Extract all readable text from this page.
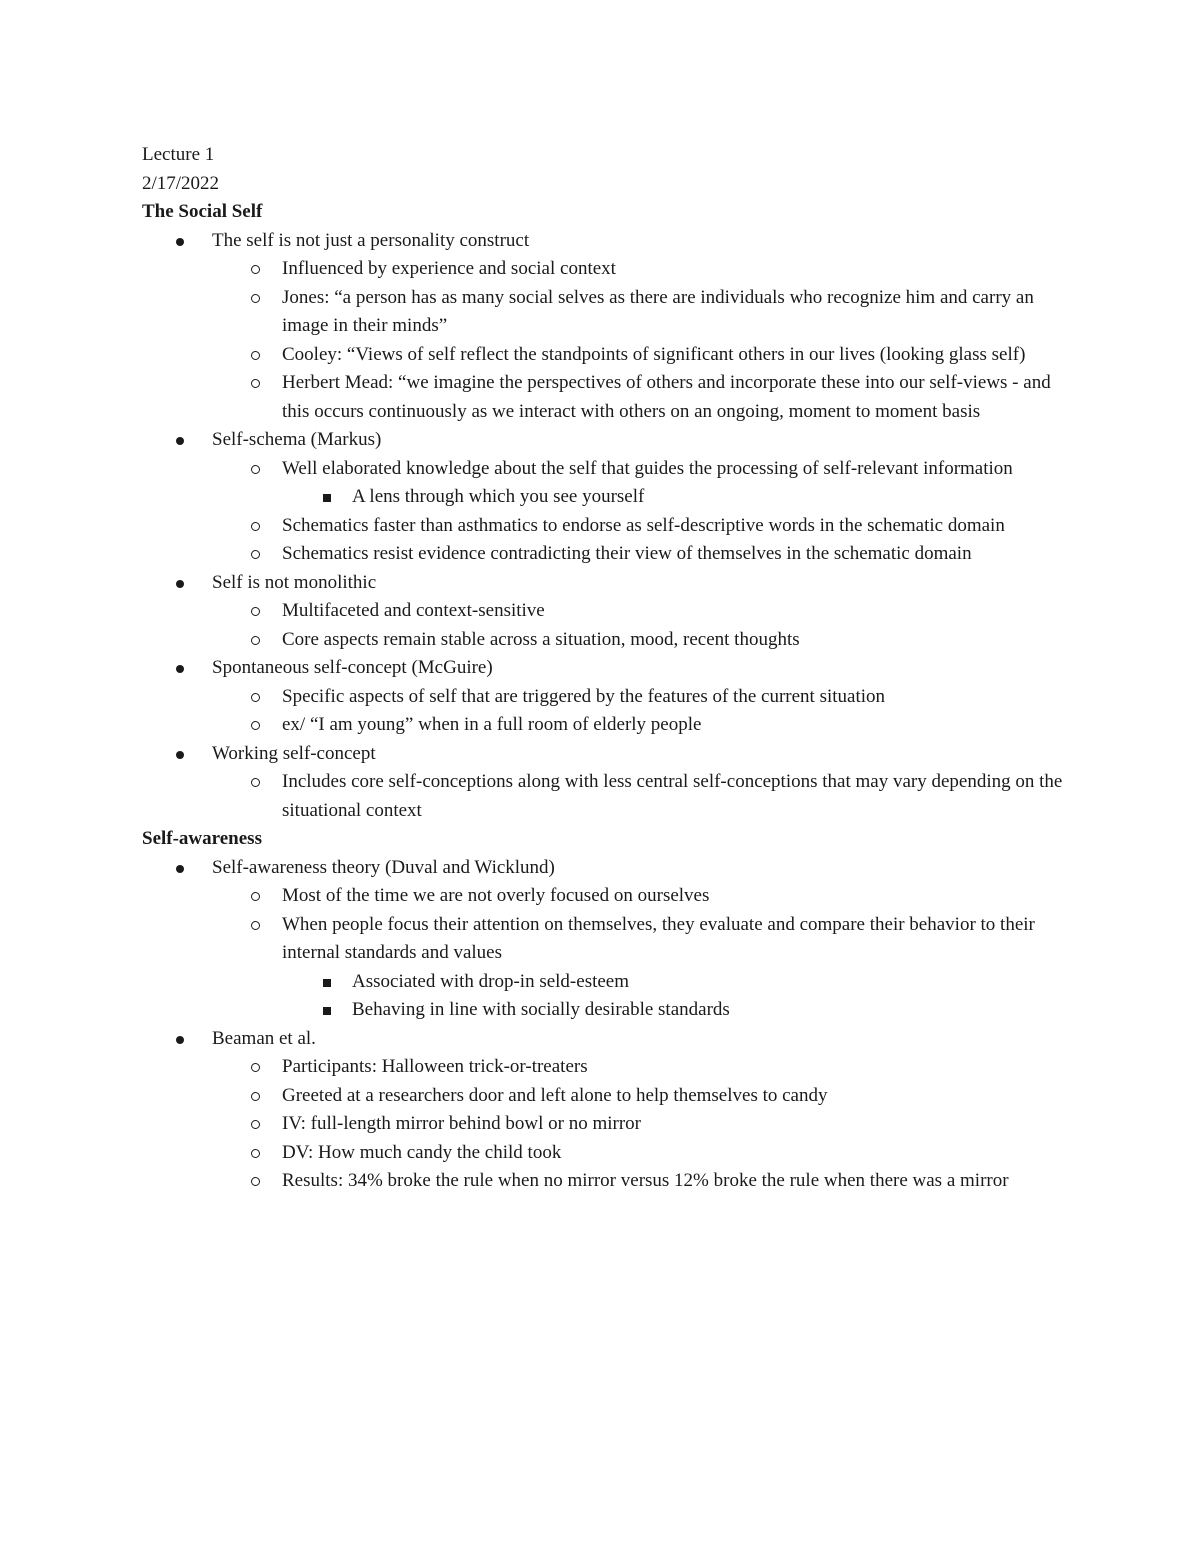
Lecture 1

2/17/2022

The Social Self

The self is not just a personality construct
Influenced by experience and social context
Jones: “a person has as many social selves as there are individuals who recognize him and carry an image in their minds”
Cooley: “Views of self reflect the standpoints of significant others in our lives (looking glass self)
Herbert Mead: “we imagine the perspectives of others and incorporate these into our self-views - and this occurs continuously as we interact with others on an ongoing, moment to moment basis
Self-schema (Markus)
Well elaborated knowledge about the self that guides the processing of self-relevant information
A lens through which you see yourself
Schematics faster than asthmatics to endorse as self-descriptive words in the schematic domain
Schematics resist evidence contradicting their view of themselves in the schematic domain
Self is not monolithic
Multifaceted and context-sensitive
Core aspects remain stable across a situation, mood, recent thoughts
Spontaneous self-concept (McGuire)
Specific aspects of self that are triggered by the features of the current situation
ex/ “I am young” when in a full room of elderly people
Working self-concept
Includes core self-conceptions along with less central self-conceptions that may vary depending on the situational context

Self-awareness

Self-awareness theory (Duval and Wicklund)
Most of the time we are not overly focused on ourselves
When people focus their attention on themselves, they evaluate and compare their behavior to their internal standards and values
Associated with drop-in seld-esteem
Behaving in line with socially desirable standards
Beaman et al.
Participants: Halloween trick-or-treaters
Greeted at a researchers door and left alone to help themselves to candy
IV: full-length mirror behind bowl or no mirror
DV: How much candy the child took
Results: 34% broke the rule when no mirror versus 12% broke the rule when there was a mirror
